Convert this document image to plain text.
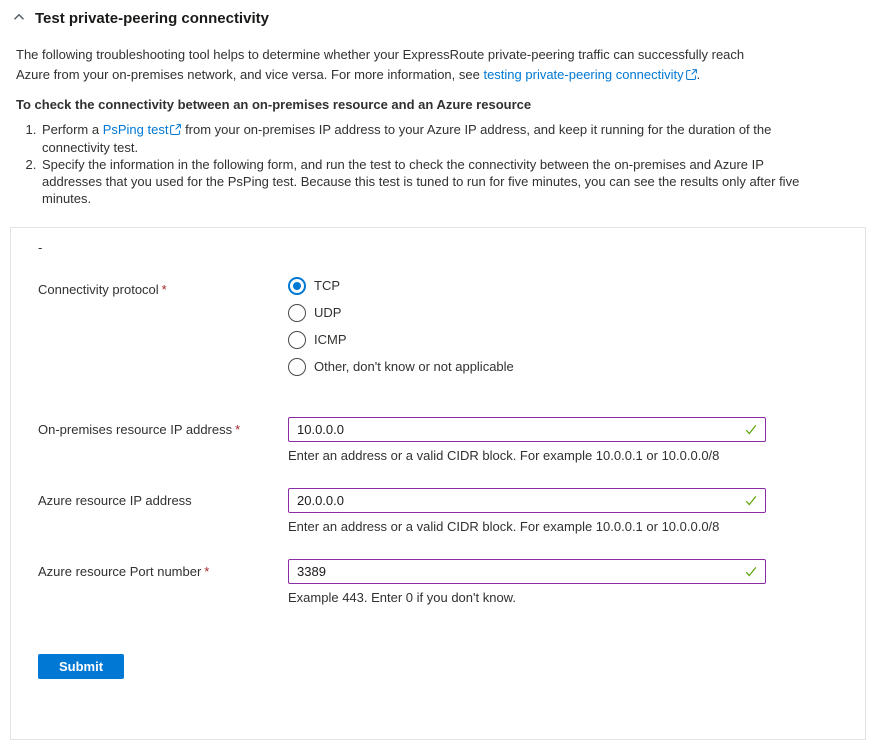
Test private-peering connectivity

The following troubleshooting tool helps to determine whether your ExpressRoute private-peering traffic can successfully reach Azure from your on-premises network, and vice versa. For more information, see testing private-peering connectivity .

To check the connectivity between an on-premises resource and an Azure resource

1. Perform a PsPing test from your on-premises IP address to your Azure IP address, and keep it running for the duration of the connectivity test.
2. Specify the information in the following form, and run the test to check the connectivity between the on-premises and Azure IP addresses that you used for the PsPing test. Because this test is tuned to run for five minutes, you can see the results only after five minutes.
-
Connectivity protocol *	TCP
UDP
ICMP
Other, don't know or not applicable
On-premises resource IP address *
10.0.0.0
Enter an address or a valid CIDR block. For example 10.0.0.1 or 10.0.0.0/8
Azure resource IP address
20.0.0.0
Enter an address or a valid CIDR block. For example 10.0.0.1 or 10.0.0.0/8
Azure resource Port number *
3389
Example 443. Enter 0 if you don't know.
Submit
